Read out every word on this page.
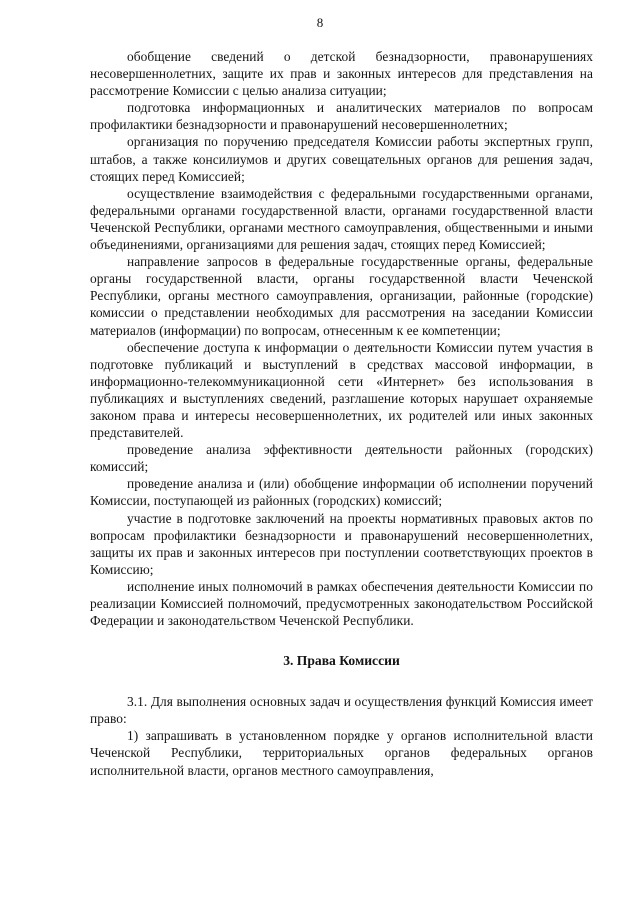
8

обобщение сведений о детской безнадзорности, правонарушениях несовершеннолетних, защите их прав и законных интересов для представления на рассмотрение Комиссии с целью анализа ситуации;

подготовка информационных и аналитических материалов по вопросам профилактики безнадзорности и правонарушений несовершеннолетних;

организация по поручению председателя Комиссии работы экспертных групп, штабов, а также консилиумов и других совещательных органов для решения задач, стоящих перед Комиссией;

осуществление взаимодействия с федеральными государственными органами, федеральными органами государственной власти, органами государственной власти Чеченской Республики, органами местного самоуправления, общественными и иными объединениями, организациями для решения задач, стоящих перед Комиссией;

направление запросов в федеральные государственные органы, федеральные органы государственной власти, органы государственной власти Чеченской Республики, органы местного самоуправления, организации, районные (городские) комиссии о представлении необходимых для рассмотрения на заседании Комиссии материалов (информации) по вопросам, отнесенным к ее компетенции;

обеспечение доступа к информации о деятельности Комиссии путем участия в подготовке публикаций и выступлений в средствах массовой информации, в информационно-телекоммуникационной сети «Интернет» без использования в публикациях и выступлениях сведений, разглашение которых нарушает охраняемые законом права и интересы несовершеннолетних, их родителей или иных законных представителей.

проведение анализа эффективности деятельности районных (городских) комиссий;

проведение анализа и (или) обобщение информации об исполнении поручений Комиссии, поступающей из районных (городских) комиссий;

участие в подготовке заключений на проекты нормативных правовых актов по вопросам профилактики безнадзорности и правонарушений несовершеннолетних, защиты их прав и законных интересов при поступлении соответствующих проектов в Комиссию;

исполнение иных полномочий в рамках обеспечения деятельности Комиссии по реализации Комиссией полномочий, предусмотренных законодательством Российской Федерации и законодательством Чеченской Республики.

3. Права Комиссии

3.1. Для выполнения основных задач и осуществления функций Комиссия имеет право:

1) запрашивать в установленном порядке у органов исполнительной власти Чеченской Республики, территориальных органов федеральных органов исполнительной власти, органов местного самоуправления,
